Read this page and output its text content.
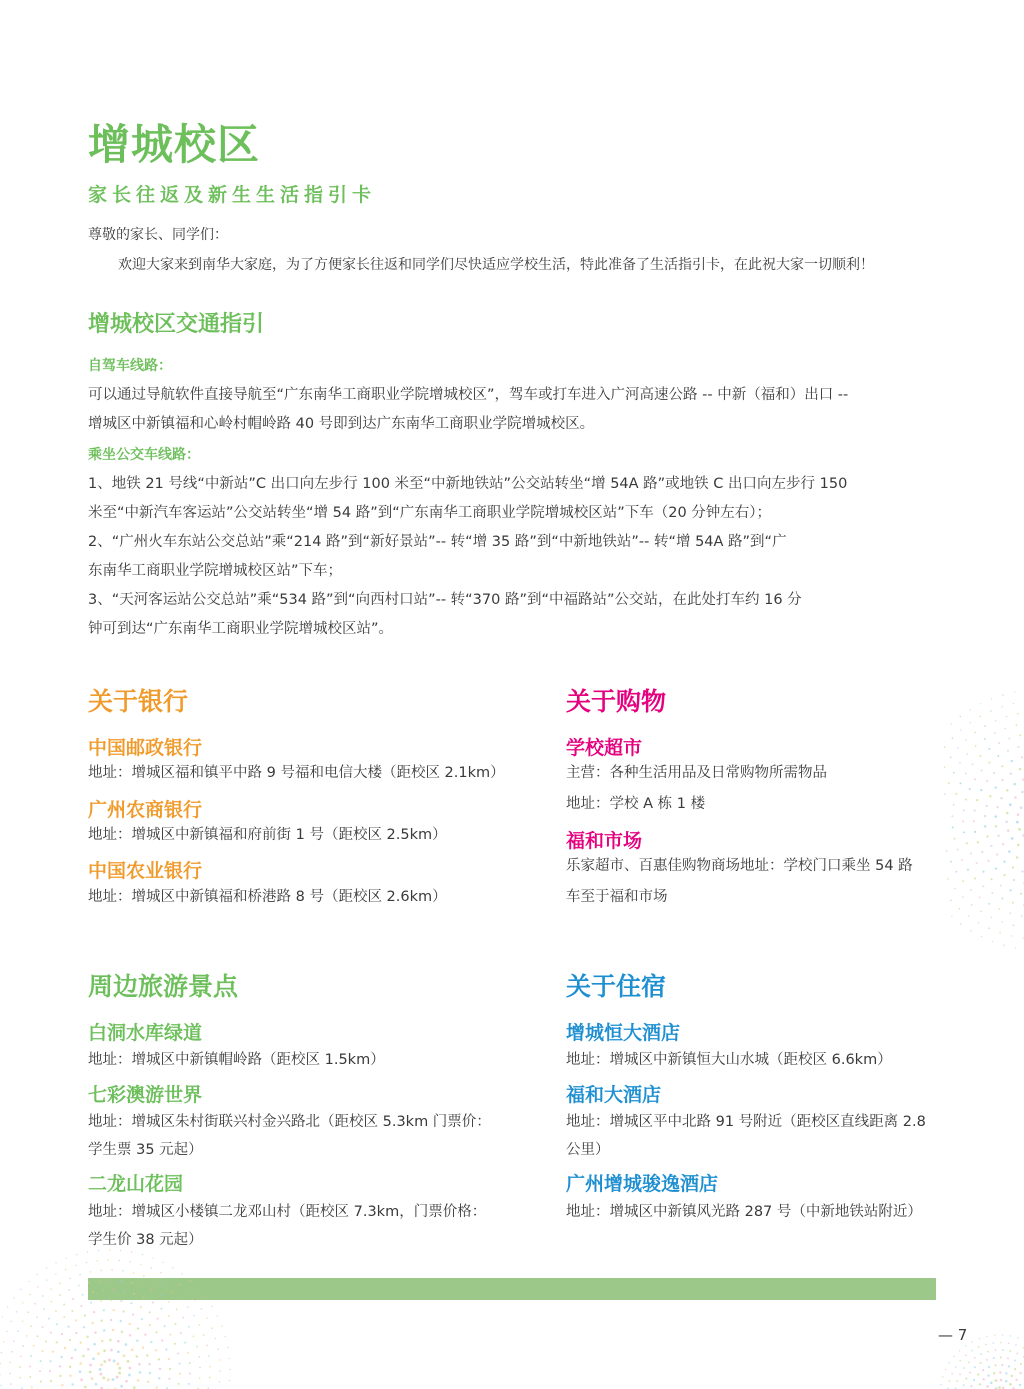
增城校区
家长往返及新生生活指引卡

尊敬的家长、同学们：

欢迎大家来到南华大家庭，为了方便家长往返和同学们尽快适应学校生活，特此准备了生活指引卡，在此祝大家一切顺利！

增城校区交通指引

自驾车线路：

可以通过导航软件直接导航至“广东南华工商职业学院增城校区”，驾车或打车进入广河高速公路 -- 中新（福和）出口 --

增城区中新镇福和心岭村帽岭路 40 号即到达广东南华工商职业学院增城校区。

乘坐公交车线路：

1、地铁 21 号线“中新站”C 出口向左步行 100 米至“中新地铁站”公交站转坐“增 54A 路”或地铁 C 出口向左步行 150

米至“中新汽车客运站”公交站转坐“增 54 路”到“广东南华工商职业学院增城校区站”下车（20 分钟左右）；

2、“广州火车东站公交总站”乘“214 路”到“新好景站”-- 转“增 35 路”到“中新地铁站”-- 转“增 54A 路”到“广

东南华工商职业学院增城校区站”下车；

3、“天河客运站公交总站”乘“534 路”到“向西村口站”-- 转“370 路”到“中福路站”公交站，在此处打车约 16 分

钟可到达“广东南华工商职业学院增城校区站”。

关于银行

中国邮政银行

地址：增城区福和镇平中路 9 号福和电信大楼（距校区 2.1km）

广州农商银行

地址：增城区中新镇福和府前街 1 号（距校区 2.5km）

中国农业银行

地址：增城区中新镇福和桥港路 8 号（距校区 2.6km）

关于购物

学校超市

主营：各种生活用品及日常购物所需物品

地址：学校 A 栋 1 楼

福和市场

乐家超市、百惠佳购物商场地址：学校门口乘坐 54 路

车至于福和市场

周边旅游景点

白洞水库绿道

地址：增城区中新镇帽岭路（距校区 1.5km）

七彩澳游世界

地址：增城区朱村街联兴村金兴路北（距校区 5.3km 门票价：

学生票 35 元起）

二龙山花园

地址：增城区小楼镇二龙邓山村（距校区 7.3km，门票价格：

学生价 38 元起）

关于住宿

增城恒大酒店

地址：增城区中新镇恒大山水城（距校区 6.6km）

福和大酒店

地址：增城区平中北路 91 号附近（距校区直线距离 2.8

公里）

广州增城骏逸酒店

地址：增城区中新镇风光路 287 号（中新地铁站附近）

— 7
